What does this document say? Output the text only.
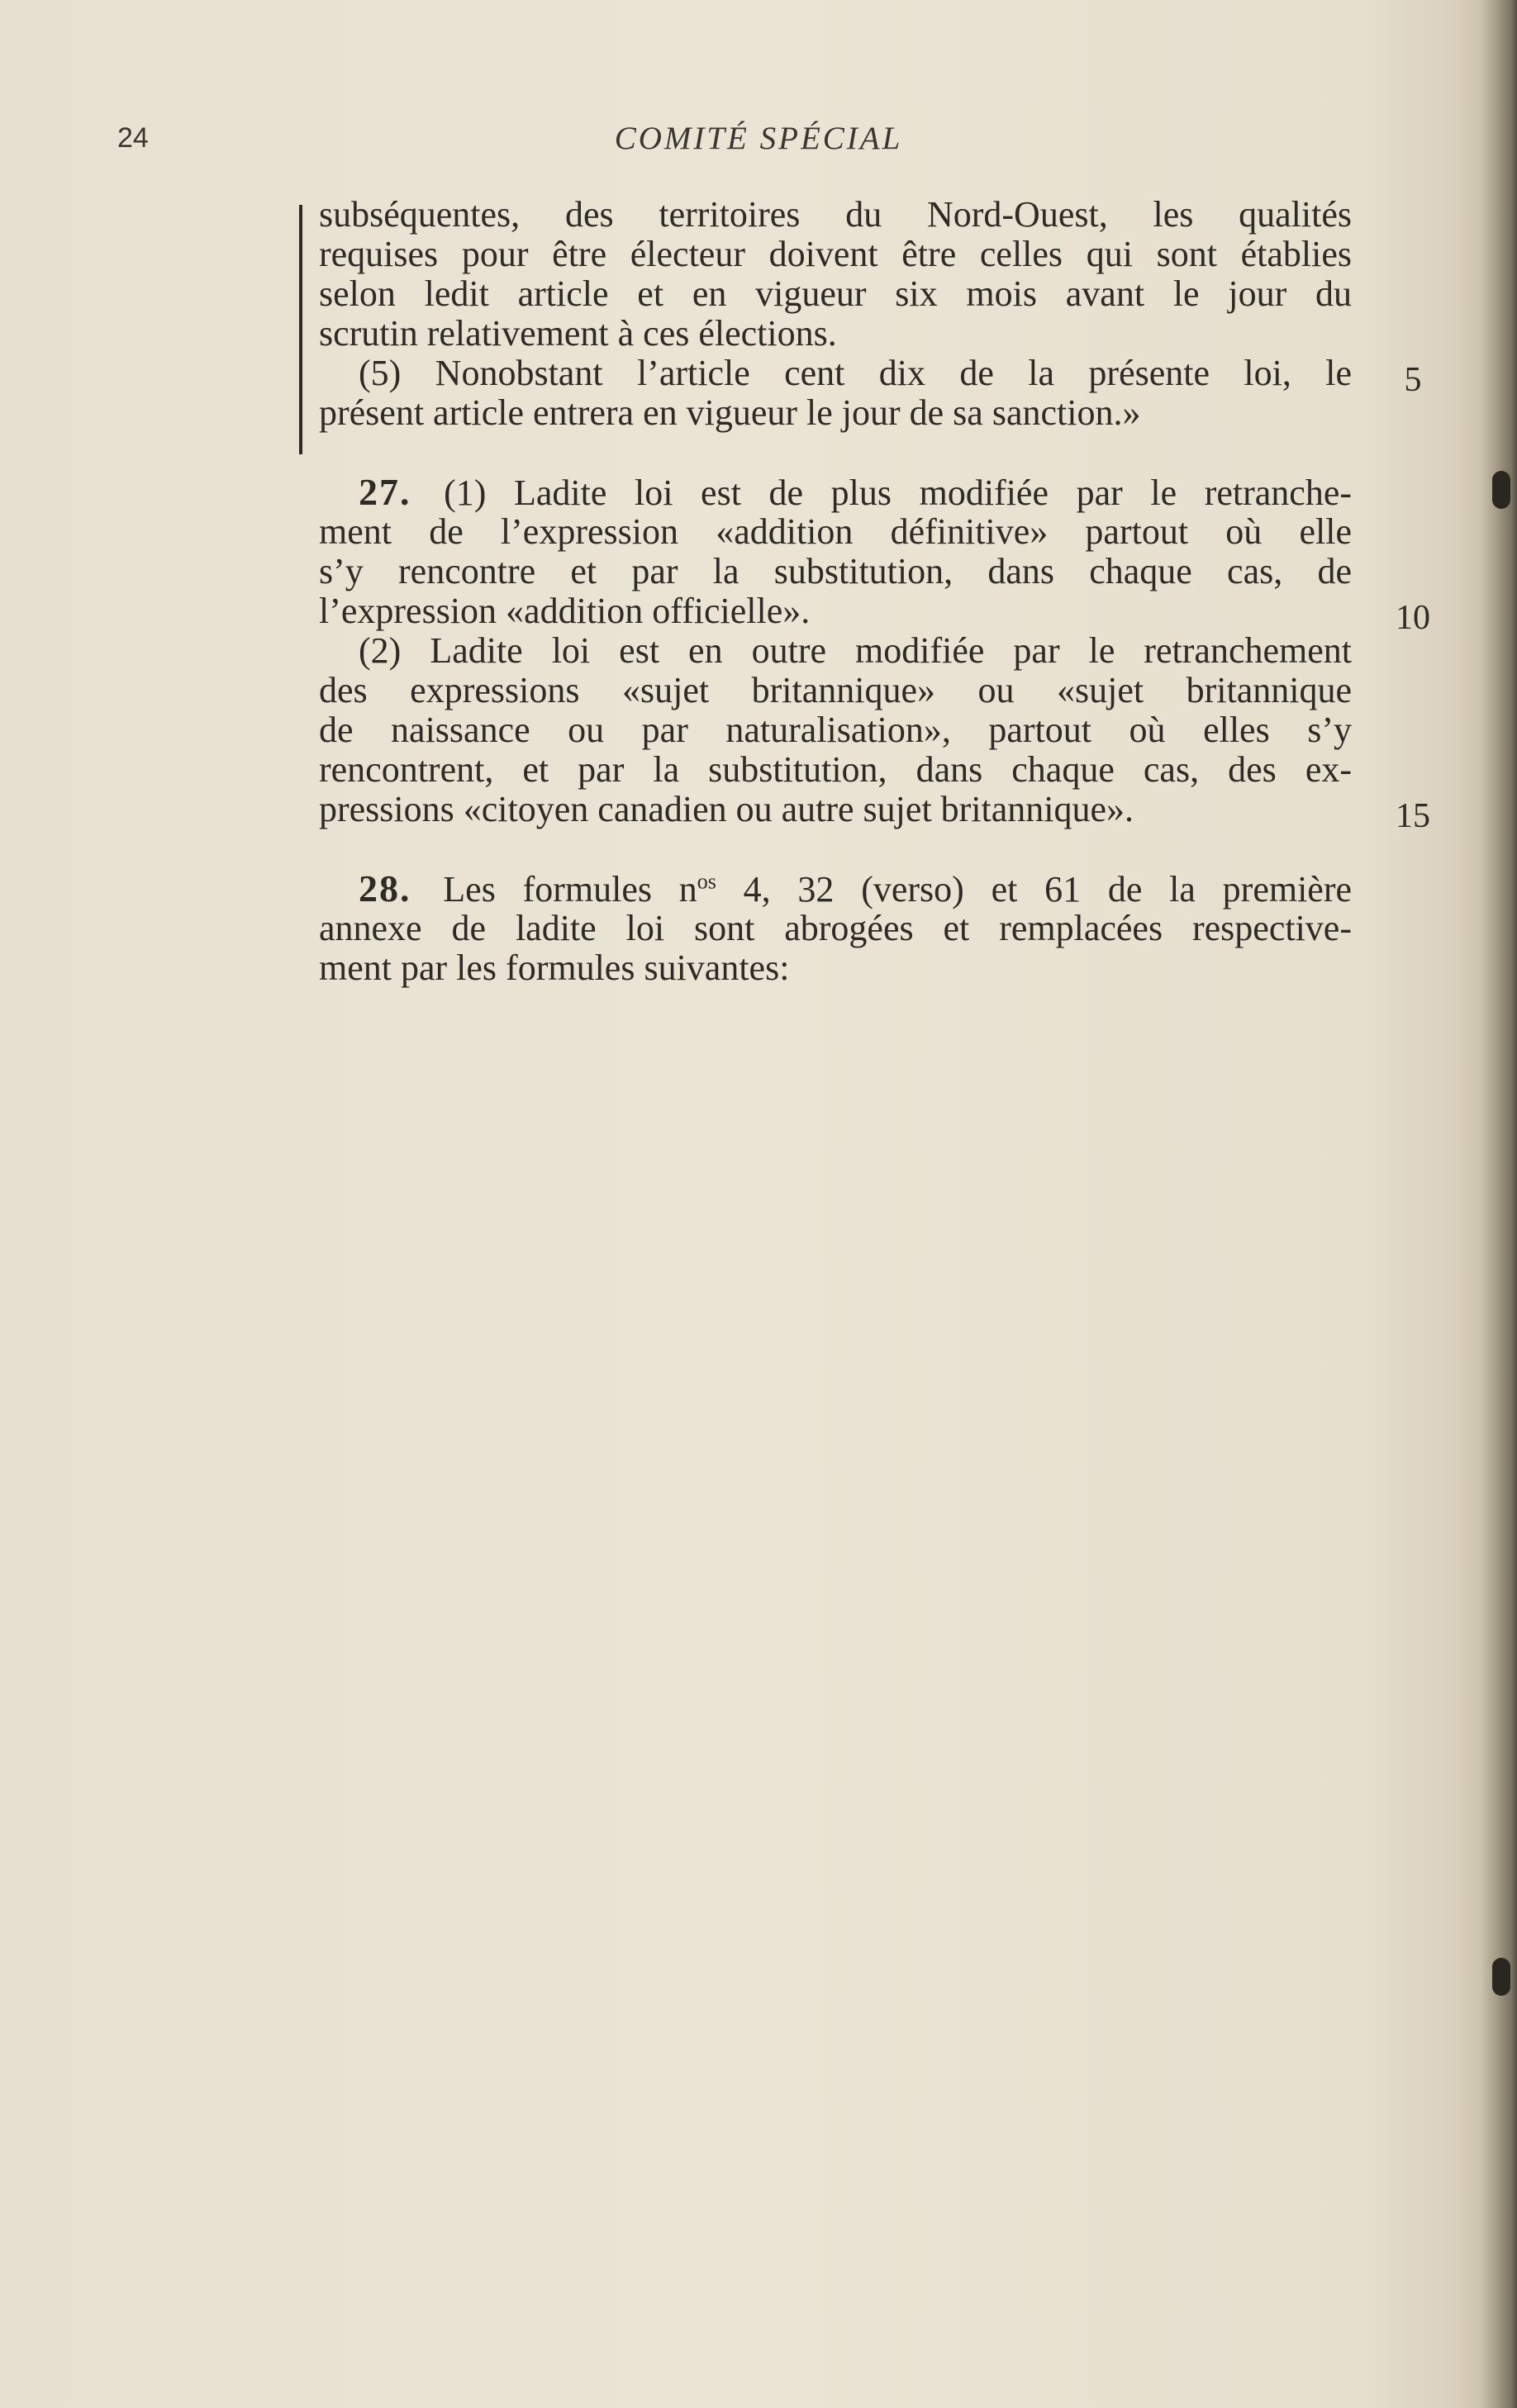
24	COMITÉ SPÉCIAL
subséquentes, des territoires du Nord-Ouest, les qualités
requises pour être électeur doivent être celles qui sont établies
selon ledit article et en vigueur six mois avant le jour du
scrutin relativement à ces élections.
(5) Nonobstant l’article cent dix de la présente loi, le
présent article entrera en vigueur le jour de sa sanction.»
27. (1) Ladite loi est de plus modifiée par le retranche-
ment de l’expression «addition définitive» partout où elle
s’y rencontre et par la substitution, dans chaque cas, de
l’expression «addition officielle».
(2) Ladite loi est en outre modifiée par le retranchement
des expressions «sujet britannique» ou «sujet britannique
de naissance ou par naturalisation», partout où elles s’y
rencontrent, et par la substitution, dans chaque cas, des ex-
pressions «citoyen canadien ou autre sujet britannique».
28. Les formules $n^{os}$ 4, 32 (verso) et 61 de la première
annexe de ladite loi sont abrogées et remplacées respective-
ment par les formules suivantes:
5
10
15
